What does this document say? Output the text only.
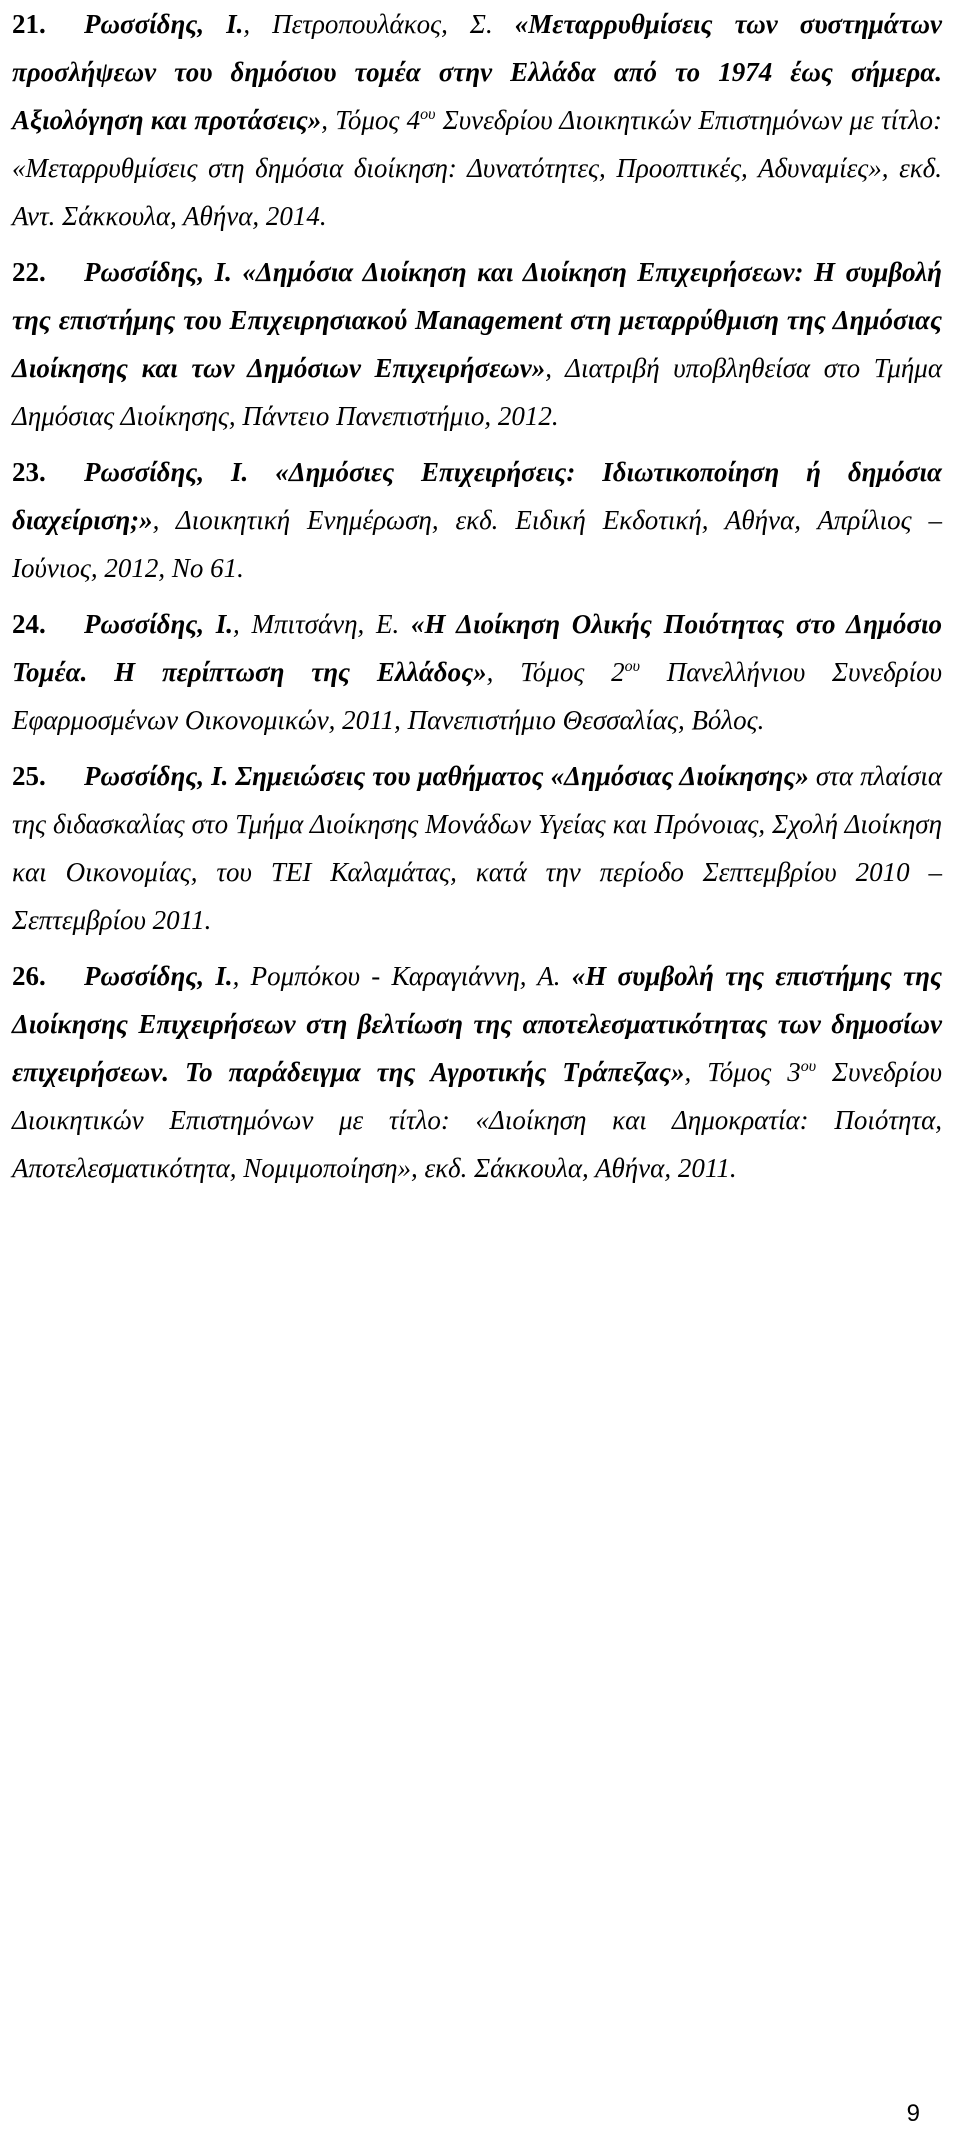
21. Ρωσσίδης, Ι., Πετροπουλάκος, Σ. «Μεταρρυθμίσεις των συστημάτων προσλήψεων του δημόσιου τομέα στην Ελλάδα από το 1974 έως σήμερα. Αξιολόγηση και προτάσεις», Τόμος $4^{o\upsilon}$ Συνεδρίου Διοικητικών Επιστημόνων με τίτλο: «Μεταρρυθμίσεις στη δημόσια διοίκηση: Δυνατότητες, Προοπτικές, Αδυναμίες», εκδ. Αντ. Σάκκουλα, Αθήνα, 2014.

22. Ρωσσίδης, Ι. «Δημόσια Διοίκηση και Διοίκηση Επιχειρήσεων: Η συμβολή της επιστήμης του Επιχειρησιακού Management στη μεταρρύθμιση της Δημόσιας Διοίκησης και των Δημόσιων Επιχειρήσεων», Διατριβή υποβληθείσα στο Τμήμα Δημόσιας Διοίκησης, Πάντειο Πανεπιστήμιο, 2012.

23. Ρωσσίδης, Ι. «Δημόσιες Επιχειρήσεις: Ιδιωτικοποίηση ή δημόσια διαχείριση;», Διοικητική Ενημέρωση, εκδ. Ειδική Εκδοτική, Αθήνα, Απρίλιος – Ιούνιος, 2012, Νο 61.

24. Ρωσσίδης, Ι., Μπιτσάνη, Ε. «Η Διοίκηση Ολικής Ποιότητας στο Δημόσιο Τομέα. Η περίπτωση της Ελλάδος», Τόμος $2^{o\upsilon}$ Πανελλήνιου Συνεδρίου Εφαρμοσμένων Οικονομικών, 2011, Πανεπιστήμιο Θεσσαλίας, Βόλος.

25. Ρωσσίδης, Ι. Σημειώσεις του μαθήματος «Δημόσιας Διοίκησης» στα πλαίσια της διδασκαλίας στο Τμήμα Διοίκησης Μονάδων Υγείας και Πρόνοιας, Σχολή Διοίκηση και Οικονομίας, του ΤΕΙ Καλαμάτας, κατά την περίοδο Σεπτεμβρίου 2010 – Σεπτεμβρίου 2011.

26. Ρωσσίδης, Ι., Ρομπόκου - Καραγιάννη, Α. «Η συμβολή της επιστήμης της Διοίκησης Επιχειρήσεων στη βελτίωση της αποτελεσματικότητας των δημοσίων επιχειρήσεων. Το παράδειγμα της Αγροτικής Τράπεζας», Τόμος $3^{o\upsilon}$ Συνεδρίου Διοικητικών Επιστημόνων με τίτλο: «Διοίκηση και Δημοκρατία: Ποιότητα, Αποτελεσματικότητα, Νομιμοποίηση», εκδ. Σάκκουλα, Αθήνα, 2011.

9
